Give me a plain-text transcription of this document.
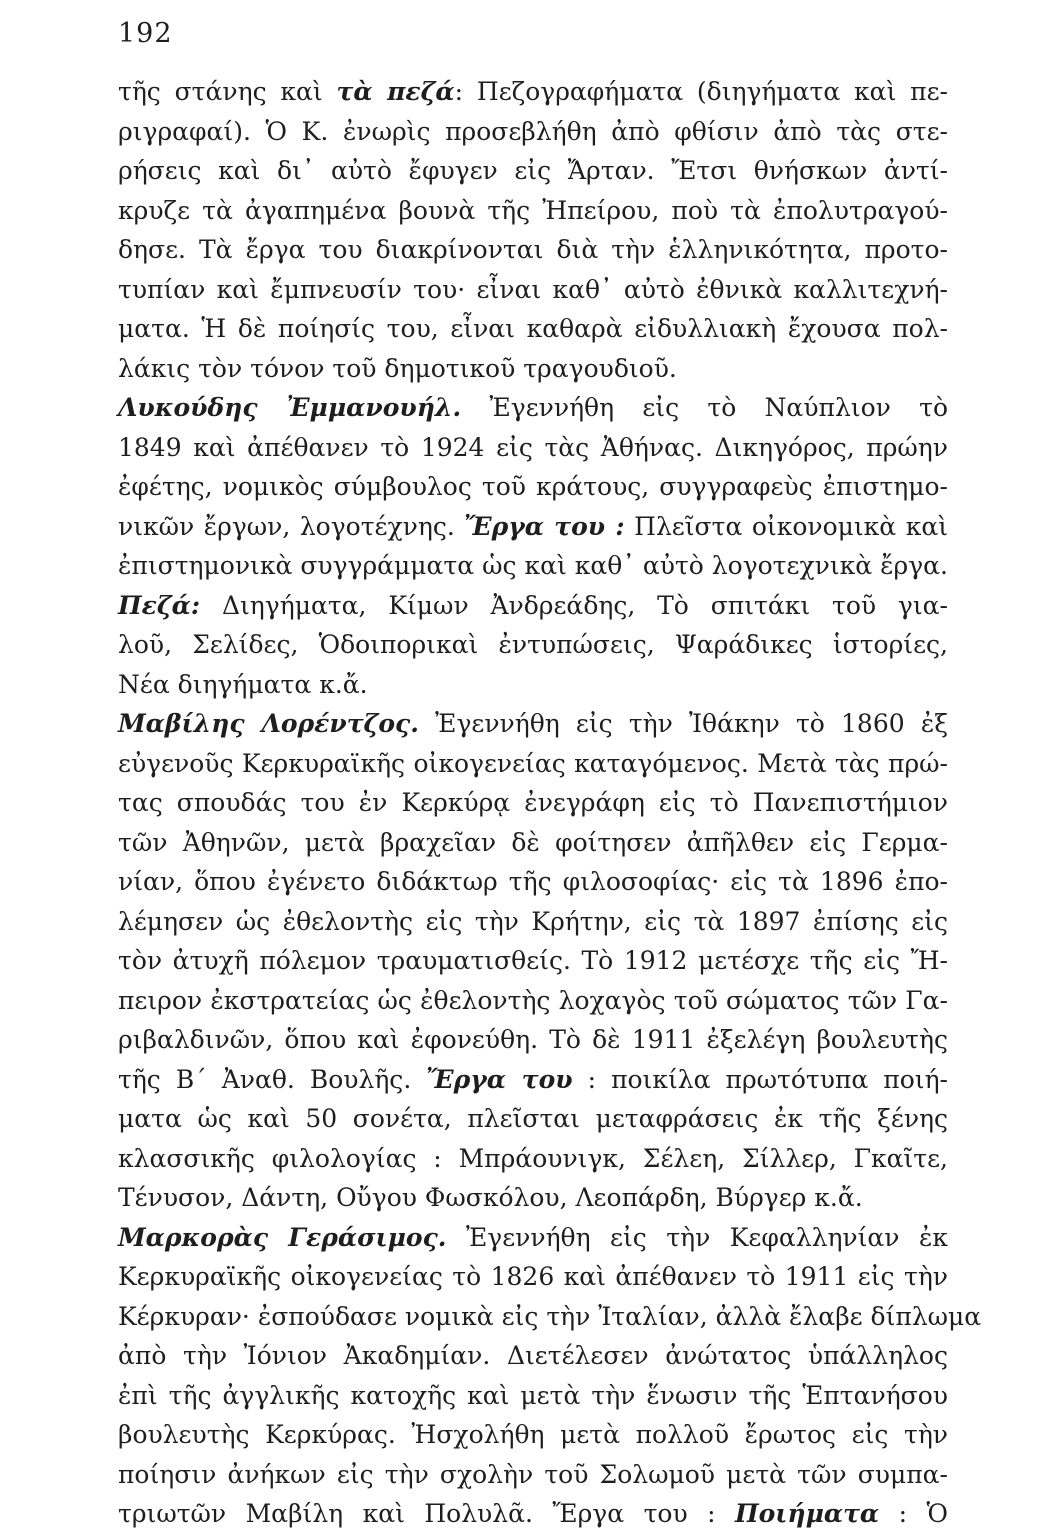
192
τῆς στάνης καὶ τὰ πεζά: Πεζογραφήματα (διηγήματα καὶ πε-
ριγραφαί). Ὁ Κ. ἐνωρὶς προσεβλήθη ἀπὸ φθίσιν ἀπὸ τὰς στε-
ρήσεις καὶ δι᾽ αὐτὸ ἔφυγεν εἰς Ἄρταν. Ἔτσι θνήσκων ἀντί-
κρυζε τὰ ἀγαπημένα βουνὰ τῆς Ἠπείρου, ποὺ τὰ ἐπολυτραγού-
δησε. Τὰ ἔργα του διακρίνονται διὰ τὴν ἑλληνικότητα, προτο-
τυπίαν καὶ ἔμπνευσίν του· εἶναι καθ᾽ αὐτὸ ἐθνικὰ καλλιτεχνή-
ματα. Ἡ δὲ ποίησίς του, εἶναι καθαρὰ εἰδυλλιακὴ ἔχουσα πολ-
λάκις τὸν τόνον τοῦ δημοτικοῦ τραγουδιοῦ.
Λυκούδης Ἐμμανουήλ. Ἐγεννήθη εἰς τὸ Ναύπλιον τὸ
1849 καὶ ἀπέθανεν τὸ 1924 εἰς τὰς Ἀθήνας. Δικηγόρος, πρώην
ἐφέτης, νομικὸς σύμβουλος τοῦ κράτους, συγγραφεὺς ἐπιστημο-
νικῶν ἔργων, λογοτέχνης. Ἔργα του : Πλεῖστα οἰκονομικὰ καὶ
ἐπιστημονικὰ συγγράμματα ὡς καὶ καθ᾽ αὐτὸ λογοτεχνικὰ ἔργα.
Πεζά: Διηγήματα, Κίμων Ἀνδρεάδης, Τὸ σπιτάκι τοῦ για-
λοῦ, Σελίδες, Ὁδοιπορικαὶ ἐντυπώσεις, Ψαράδικες ἱστορίες,
Νέα διηγήματα κ.ἄ.
Μαβίλης Λορέντζος. Ἐγεννήθη εἰς τὴν Ἰθάκην τὸ 1860 ἐξ
εὐγενοῦς Κερκυραϊκῆς οἰκογενείας καταγόμενος. Μετὰ τὰς πρώ-
τας σπουδάς του ἐν Κερκύρᾳ ἐνεγράφη εἰς τὸ Πανεπιστήμιον
τῶν Ἀθηνῶν, μετὰ βραχεῖαν δὲ φοίτησεν ἀπῆλθεν εἰς Γερμα-
νίαν, ὅπου ἐγένετο διδάκτωρ τῆς φιλοσοφίας· εἰς τὰ 1896 ἐπο-
λέμησεν ὡς ἐθελοντὴς εἰς τὴν Κρήτην, εἰς τὰ 1897 ἐπίσης εἰς
τὸν ἀτυχῆ πόλεμον τραυματισθείς. Τὸ 1912 μετέσχε τῆς εἰς Ἤ-
πειρον ἐκστρατείας ὡς ἐθελοντὴς λοχαγὸς τοῦ σώματος τῶν Γα-
ριβαλδινῶν, ὅπου καὶ ἐφονεύθη. Τὸ δὲ 1911 ἐξελέγη βουλευτὴς
τῆς Β΄ Ἀναθ. Βουλῆς. Ἔργα του : ποικίλα πρωτότυπα ποιή-
ματα ὡς καὶ 50 σονέτα, πλεῖσται μεταφράσεις ἐκ τῆς ξένης
κλασσικῆς φιλολογίας : Μπράουνιγκ, Σέλεη, Σίλλερ, Γκαῖτε,
Τένυσον, Δάντη, Οὔγου Φωσκόλου, Λεοπάρδη, Βύργερ κ.ἄ.
Μαρκορὰς Γεράσιμος. Ἐγεννήθη εἰς τὴν Κεφαλληνίαν ἐκ
Κερκυραϊκῆς οἰκογενείας τὸ 1826 καὶ ἀπέθανεν τὸ 1911 εἰς τὴν
Κέρκυραν· ἐσπούδασε νομικὰ εἰς τὴν Ἰταλίαν, ἀλλὰ ἔλαβε δίπλωμα
ἀπὸ τὴν Ἰόνιον Ἀκαδημίαν. Διετέλεσεν ἀνώτατος ὑπάλληλος
ἐπὶ τῆς ἀγγλικῆς κατοχῆς καὶ μετὰ τὴν ἕνωσιν τῆς Ἑπτανήσου
βουλευτὴς Κερκύρας. Ἠσχολήθη μετὰ πολλοῦ ἔρωτος εἰς τὴν
ποίησιν ἀνήκων εἰς τὴν σχολὴν τοῦ Σολωμοῦ μετὰ τῶν συμπα-
τριωτῶν Μαβίλη καὶ Πολυλᾶ. Ἔργα του : Ποιήματα : Ὁ
